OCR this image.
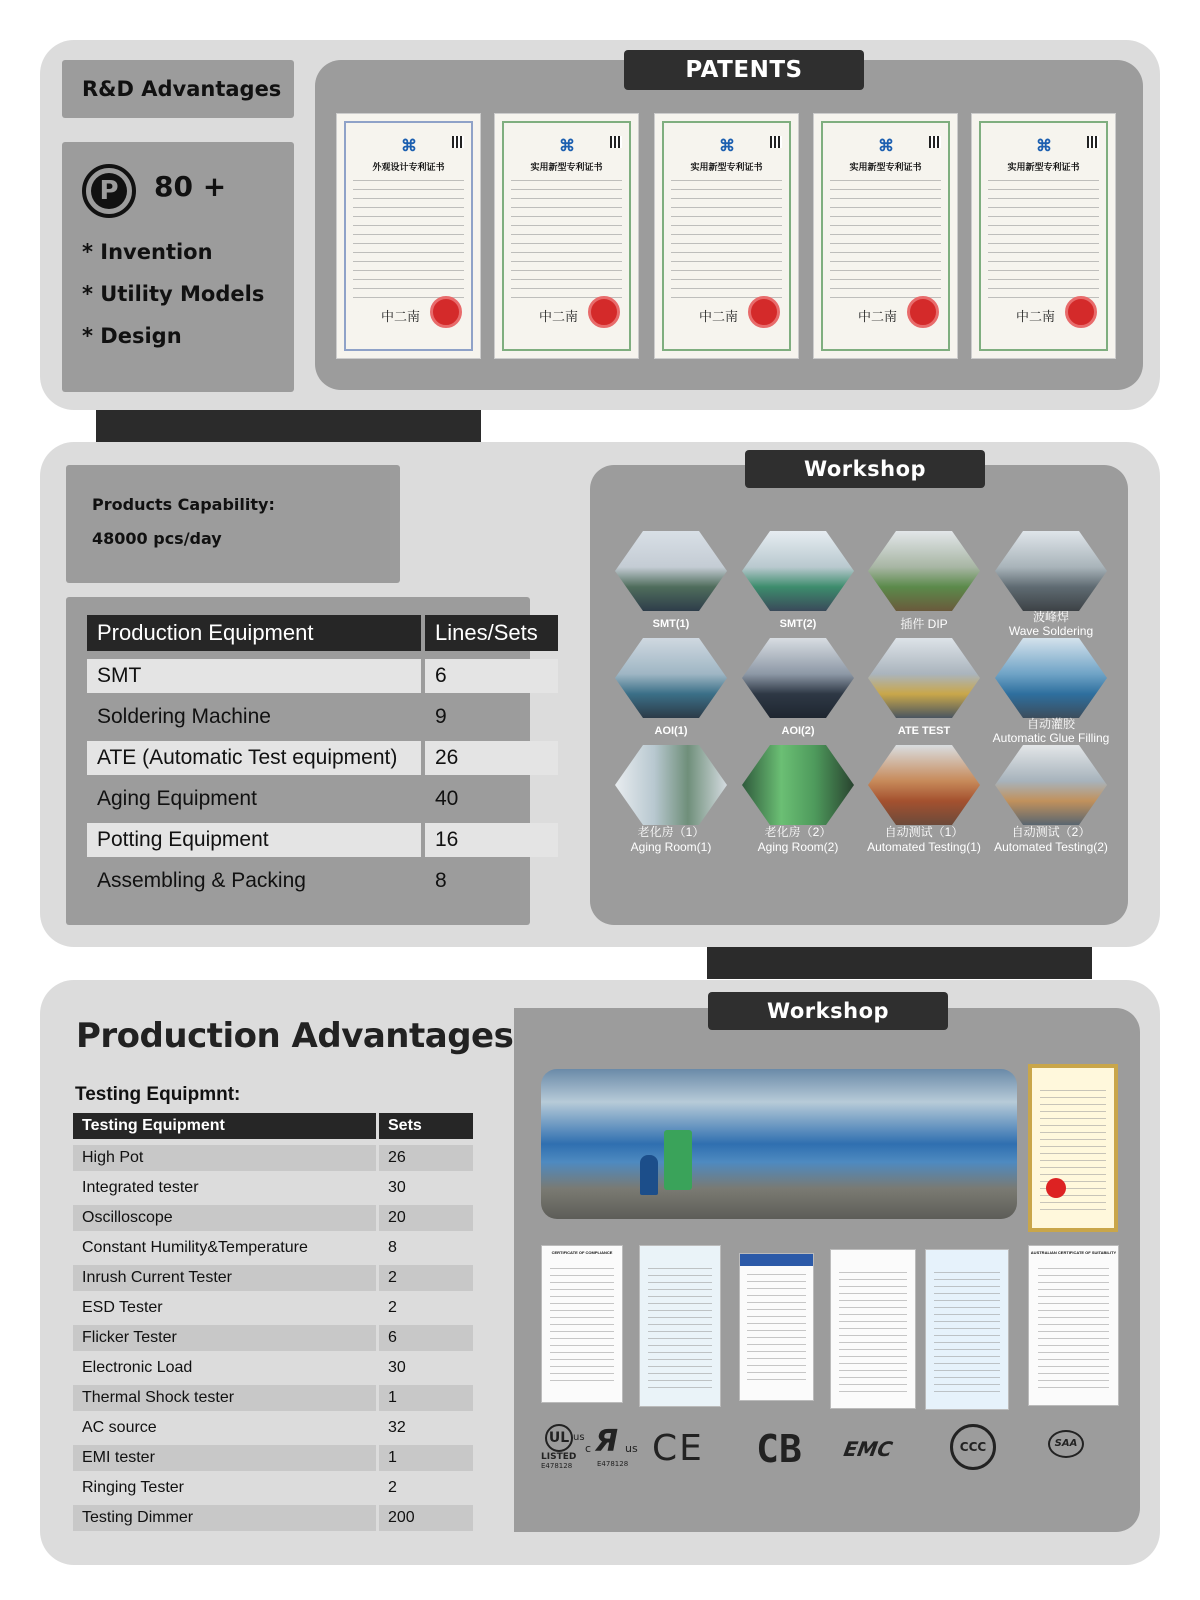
R&D Advantages
P	80 +
* Invention
* Utility Models
* Design
PATENTS
⌘
外观设计专利证书
中二南
⌘
实用新型专利证书
中二南
⌘
实用新型专利证书
中二南
⌘
实用新型专利证书
中二南
⌘
实用新型专利证书
中二南
Products Capability:
48000 pcs/day
Production Equipment	Lines/Sets
SMT	6
Soldering Machine	9
ATE (Automatic Test equipment)	26
Aging Equipment	40
Potting Equipment	16
Assembling & Packing	8
Workshop
SMT(1)	SMT(2)	插件 DIP	波峰焊
Wave Soldering
AOI(1)	AOI(2)	ATE TEST	自动灌胶
Automatic Glue Filling
老化房（1）
Aging Room(1)
老化房（2）
Aging Room(2)
自动测试（1）
Automated Testing(1)
自动测试（2）
Automated Testing(2)
Production Advantages
Testing Equipmnt:
Testing Equipment	Sets
High Pot	26
Integrated tester	30
Oscilloscope	20
Constant Humility&Temperature	8
Inrush Current Tester	2
ESD Tester	2
Flicker Tester	6
Electronic Load	30
Thermal Shock tester	1
AC source	32
EMI tester	1
Ringing Tester	2
Testing Dimmer	200
Workshop
CERTIFICATE OF COMPLIANCE	AUSTRALIAN CERTIFICATE OF SUITABILITY
UL us
LISTED
E478128
c Я us
E478128 CE CB	EMC	CCC	SAA
